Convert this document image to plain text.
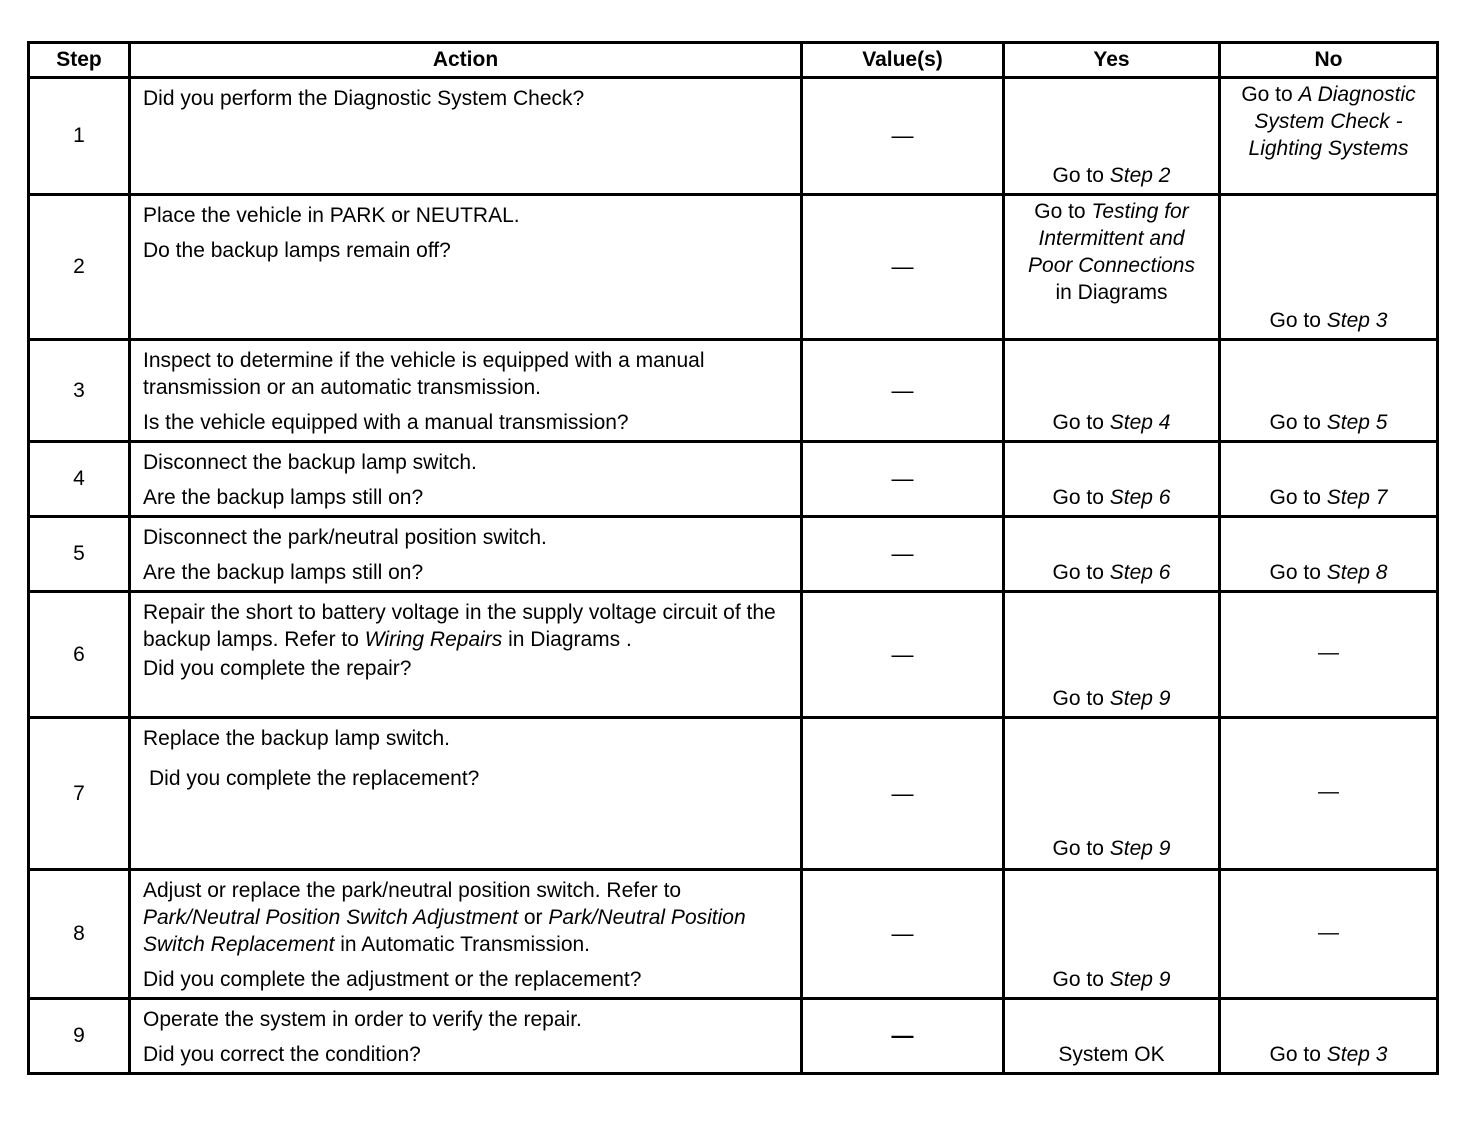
Step	Action	Value(s)	Yes	No
1	Did you perform the Diagnostic System Check?	—	Go to Step 2	Go to A Diagnostic System Check - Lighting Systems
2	Place the vehicle in PARK or NEUTRAL.

Do the backup lamps remain off?	—	Go to Testing for Intermittent and Poor Connections in Diagrams	Go to Step 3
3	Inspect to determine if the vehicle is equipped with a manual transmission or an automatic transmission.

Is the vehicle equipped with a manual transmission?	—	Go to Step 4	Go to Step 5
4	Disconnect the backup lamp switch.

Are the backup lamps still on?	—	Go to Step 6	Go to Step 7
5	Disconnect the park/neutral position switch.

Are the backup lamps still on?	—	Go to Step 6	Go to Step 8
6	Repair the short to battery voltage in the supply voltage circuit of the backup lamps. Refer to Wiring Repairs in Diagrams .

Did you complete the repair?	—	Go to Step 9	—
7	Replace the backup lamp switch.

Did you complete the replacement?	—	Go to Step 9	—
8	Adjust or replace the park/neutral position switch. Refer to Park/Neutral Position Switch Adjustment or Park/Neutral Position Switch Replacement in Automatic Transmission.

Did you complete the adjustment or the replacement?	—	Go to Step 9	—
9	Operate the system in order to verify the repair.

Did you correct the condition?	—	System OK	Go to Step 3
